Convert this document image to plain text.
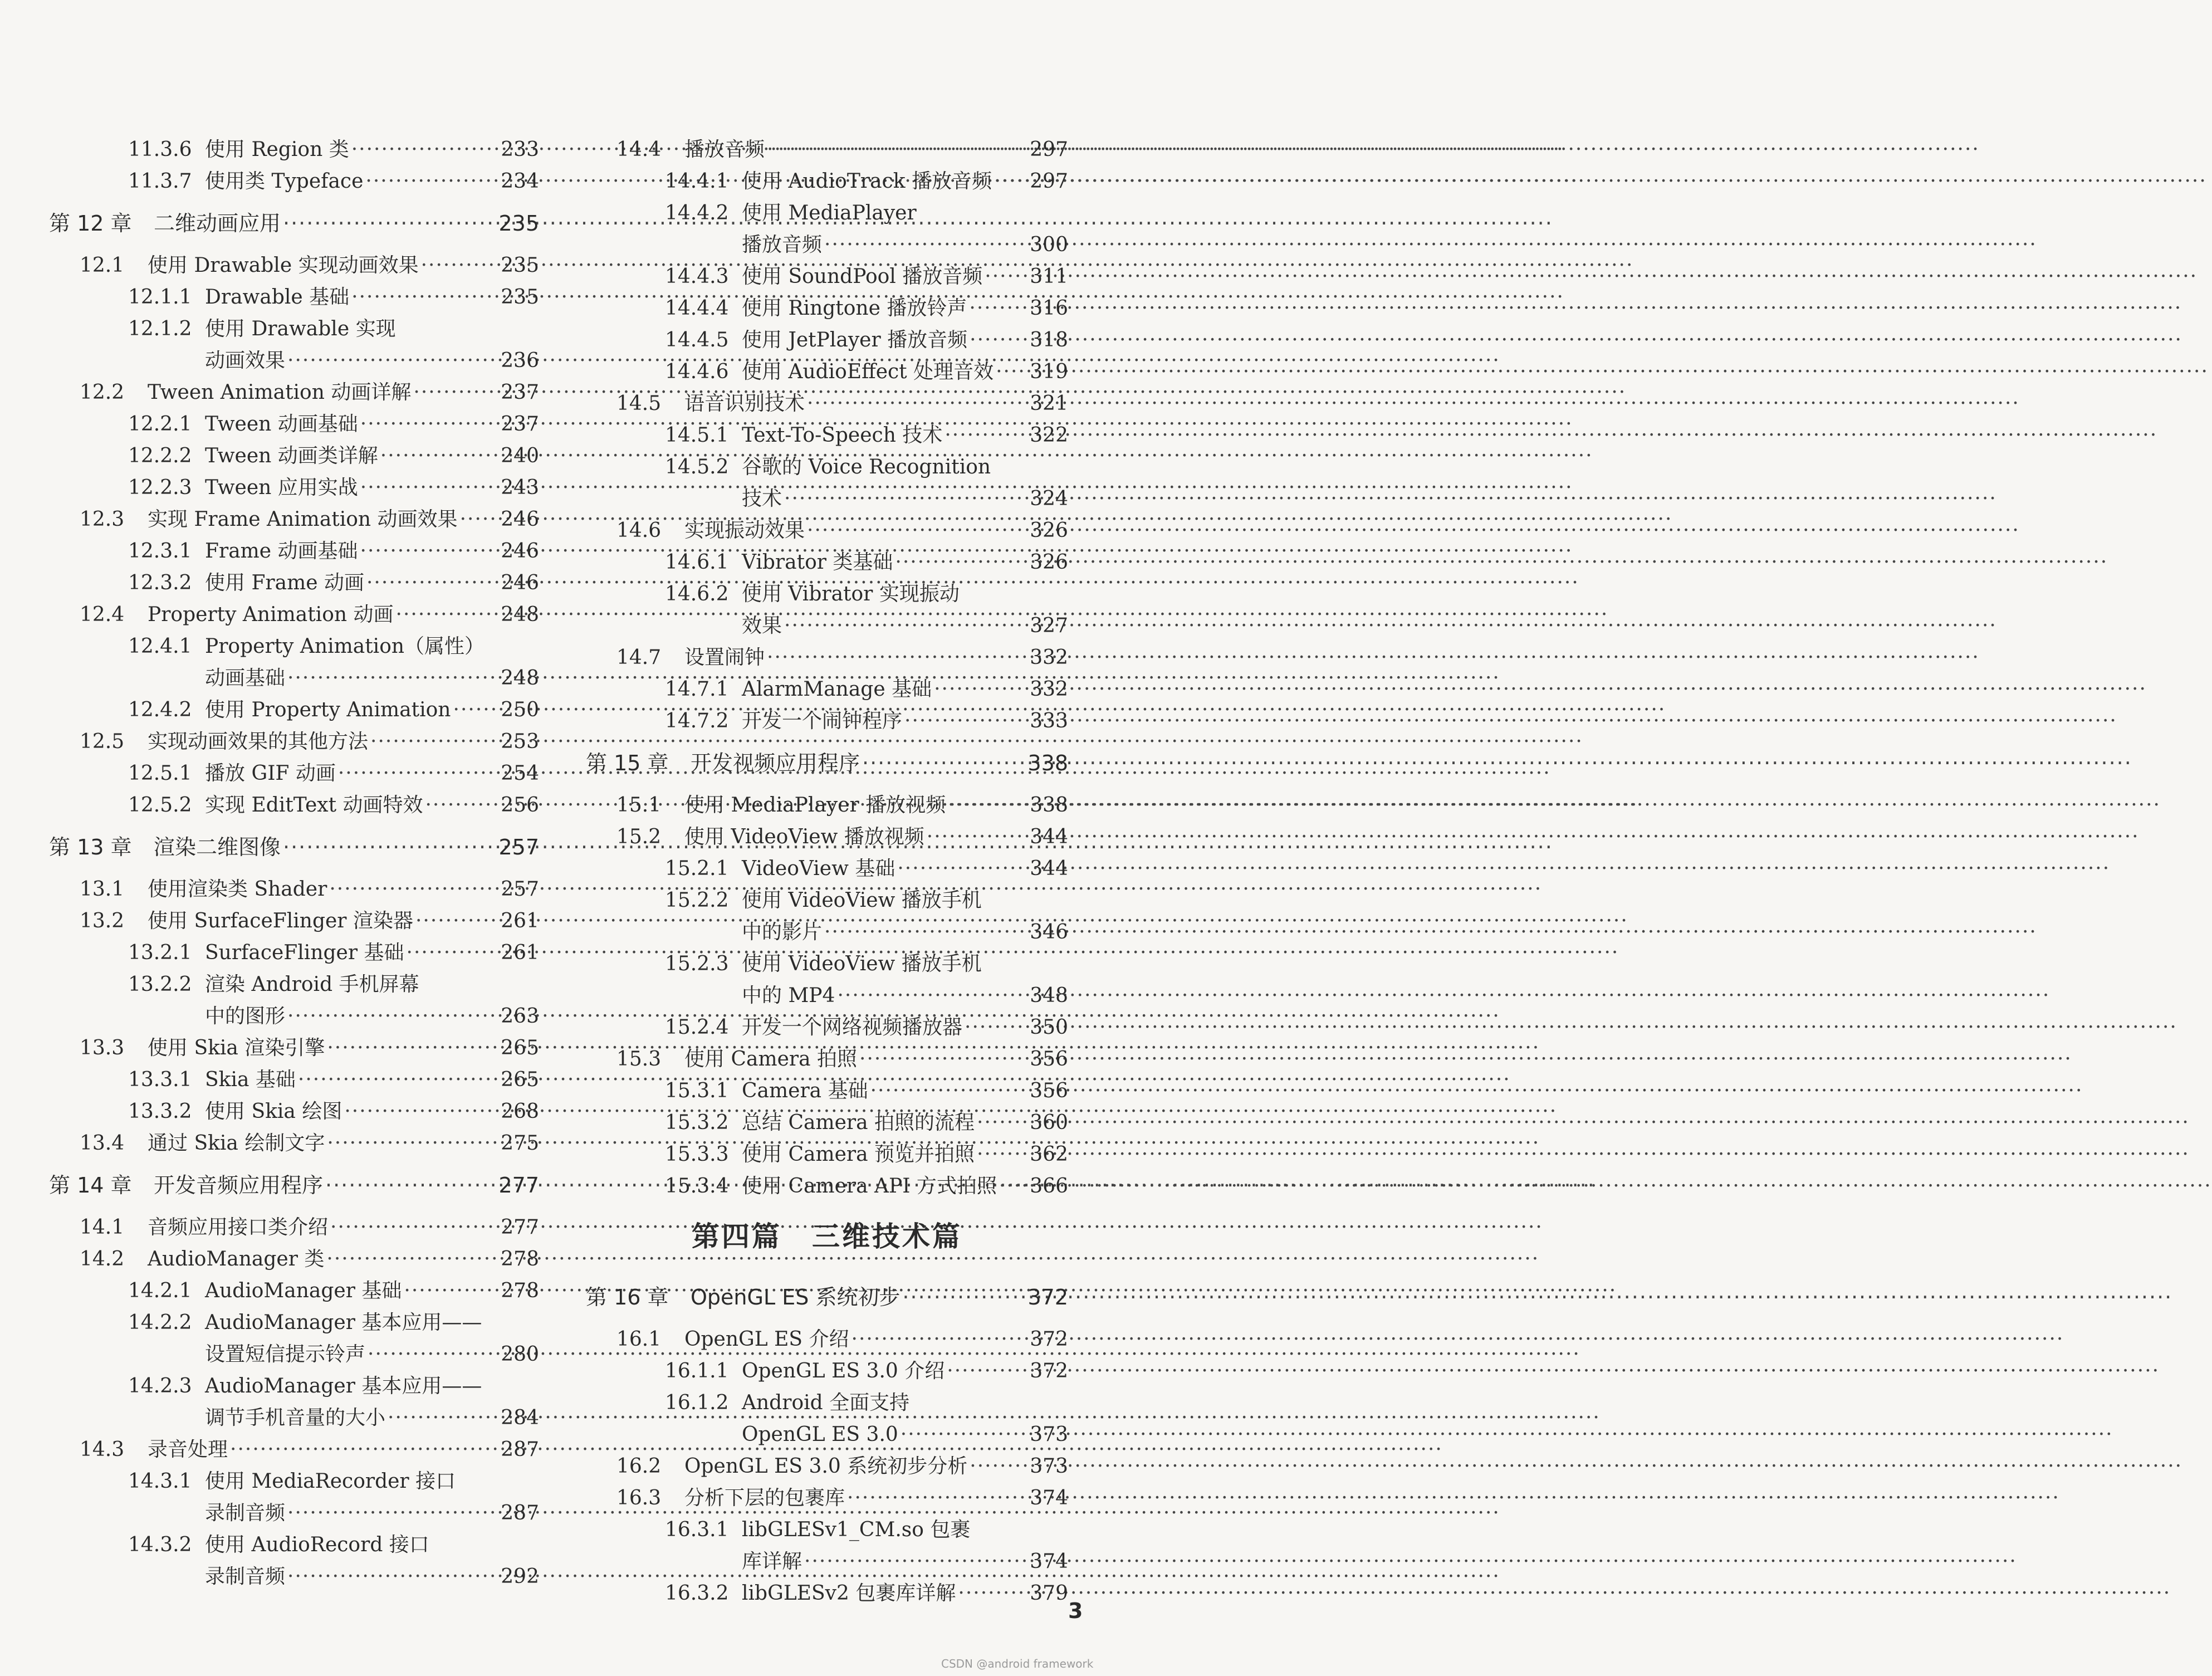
11.3.6 使用 Region 类 ·····	233
11.3.7 使用类 Typeface ·····	234
第 12 章	二维动画应用 ·····	235
12.1	使用 Drawable 实现动画效果 ·····	235
12.1.1 Drawable 基础 ·····	235
12.1.2 使用 Drawable 实现
动画效果 ·····	236
12.2	Tween Animation 动画详解 ·····	237
12.2.1 Tween 动画基础 ·····	237
12.2.2 Tween 动画类详解 ·····	240
12.2.3 Tween 应用实战 ·····	243
12.3	实现 Frame Animation 动画效果 ····· 246
12.3.1 Frame 动画基础 ·····	246
12.3.2 使用 Frame 动画 ·····	246
12.4	Property Animation 动画 ·····	248
12.4.1 Property Animation（属性）
动画基础 ·····	248
12.4.2 使用 Property Animation ····· 250
12.5	实现动画效果的其他方法 ·····	253
12.5.1 播放 GIF 动画 ·····	254
12.5.2 实现 EditText 动画特效 ·····	256
第 13 章	渲染二维图像 ·····	257
13.1	使用渲染类 Shader ·····	257
13.2	使用 SurfaceFlinger 渲染器 ·····	261
13.2.1 SurfaceFlinger 基础 ·····	261
13.2.2 渲染 Android 手机屏幕
中的图形 ·····	263
13.3	使用 Skia 渲染引擎 ·····	265
13.3.1 Skia 基础 ·····	265
13.3.2 使用 Skia 绘图 ·····	268
13.4	通过 Skia 绘制文字 ·····	275
第 14 章	开发音频应用程序 ·····	277
14.1	音频应用接口类介绍 ·····	277
14.2	AudioManager 类 ·····	278
14.2.1 AudioManager 基础 ·····	278
14.2.2 AudioManager 基本应用——
设置短信提示铃声 ·····	280
14.2.3 AudioManager 基本应用——
调节手机音量的大小 ·····	284
14.3	录音处理 ·····	287
14.3.1 使用 MediaRecorder 接口
录制音频 ·····	287
14.3.2 使用 AudioRecord 接口
录制音频 ·····	292
14.4	播放音频 ·····	297
14.4.1 使用 AudioTrack 播放音频 ····· 297
14.4.2 使用 MediaPlayer
播放音频 ·····	300
14.4.3 使用 SoundPool 播放音频 ····· 311
14.4.4 使用 Ringtone 播放铃声 ·····	316
14.4.5 使用 JetPlayer 播放音频 ·····	318
14.4.6 使用 AudioEffect 处理音效 ····· 319
14.5	语音识别技术 ·····	321
14.5.1 Text-To-Speech 技术 ·····	322
14.5.2 谷歌的 Voice Recognition
技术 ·····	324
14.6	实现振动效果 ·····	326
14.6.1 Vibrator 类基础 ·····	326
14.6.2 使用 Vibrator 实现振动
效果 ·····	327
14.7	设置闹钟 ·····	332
14.7.1 AlarmManage 基础 ·····	332
14.7.2 开发一个闹钟程序 ·····	333
第 15 章	开发视频应用程序 ·····	338
15.1	使用 MediaPlayer 播放视频 ·····	338
15.2	使用 VideoView 播放视频 ·····	344
15.2.1 VideoView 基础 ·····	344
15.2.2 使用 VideoView 播放手机
中的影片 ·····	346
15.2.3 使用 VideoView 播放手机
中的 MP4 ·····	348
15.2.4 开发一个网络视频播放器 ·····	350
15.3	使用 Camera 拍照 ·····	356
15.3.1 Camera 基础 ·····	356
15.3.2 总结 Camera 拍照的流程 ·····	360
15.3.3 使用 Camera 预览并拍照 ·····	362
15.3.4 使用 Camera API 方式拍照 ····· 366
第四篇　三维技术篇
第 16 章	OpenGL ES 系统初步 ·····	372
16.1	OpenGL ES 介绍 ·····	372
16.1.1 OpenGL ES 3.0 介绍 ·····	372
16.1.2 Android 全面支持
OpenGL ES 3.0 ·····	373
16.2	OpenGL ES 3.0 系统初步分析 ·····	373
16.3	分析下层的包裹库 ·····	374
16.3.1 libGLESv1_CM.so 包裹
库详解 ·····	374
16.3.2 libGLESv2 包裹库详解 ·····	379
3
CSDN @android framework
